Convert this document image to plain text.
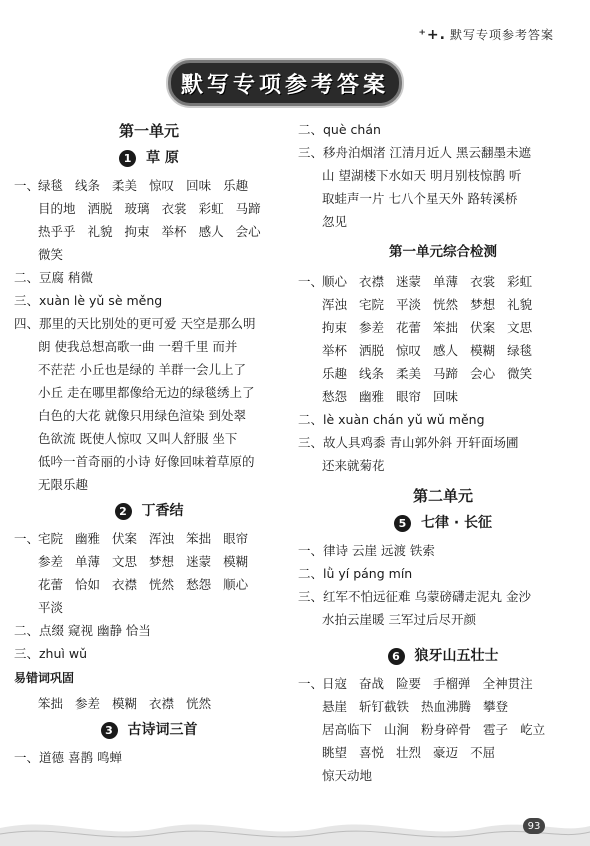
⁺+. 默写专项参考答案
默写专项参考答案
第一单元
1	草 原
一、绿毯 线条 柔美 惊叹 回味 乐趣
目的地 洒脱 玻璃 衣裳 彩虹 马蹄
热乎乎 礼貌 拘束 举杯 感人 会心
微笑
二、豆腐 稍微
三、xuàn lè yǔ sè měng
四、那里的天比别处的更可爱 天空是那么明
朗 使我总想高歌一曲 一碧千里 而并
不茫茫 小丘也是绿的 羊群一会儿上了
小丘 走在哪里都像给无边的绿毯绣上了
白色的大花 就像只用绿色渲染 到处翠
色欲流 既使人惊叹 又叫人舒服 坐下
低吟一首奇丽的小诗 好像回味着草原的
无限乐趣
2	丁香结
一、宅院 幽雅 伏案 浑浊 笨拙 眼帘
参差 单薄 文思 梦想 迷蒙 模糊
花蕾 恰如 衣襟 恍然 愁怨 顺心
平淡
二、点缀 窥视 幽静 恰当
三、zhuì wǔ
易错词巩固
笨拙 参差 模糊 衣襟 恍然
3	古诗词三首
一、道德 喜鹊 鸣蝉
二、què chán
三、移舟泊烟渚 江清月近人 黑云翻墨未遮
山 望湖楼下水如天 明月别枝惊鹊 听
取蛙声一片 七八个星天外 路转溪桥
忽见
第一单元综合检测
一、顺心 衣襟 迷蒙 单薄 衣裳 彩虹
浑浊 宅院 平淡 恍然 梦想 礼貌
拘束 参差 花蕾 笨拙 伏案 文思
举杯 洒脱 惊叹 感人 模糊 绿毯
乐趣 线条 柔美 马蹄 会心 微笑
愁怨 幽雅 眼帘 回味
二、lè xuàn chán yǔ wǔ měng
三、故人具鸡黍 青山郭外斜 开轩面场圃
还来就菊花
第二单元
5	七律 · 长征
一、律诗 云崖 远渡 铁索
二、lǜ yí páng mín
三、红军不怕远征难 乌蒙磅礴走泥丸 金沙
水拍云崖暖 三军过后尽开颜
6	狼牙山五壮士
一、日寇 奋战 险要 手榴弹 全神贯注
悬崖 斩钉截铁 热血沸腾 攀登
居高临下 山涧 粉身碎骨 雹子 屹立
眺望 喜悦 壮烈 豪迈 不屈
惊天动地
93
